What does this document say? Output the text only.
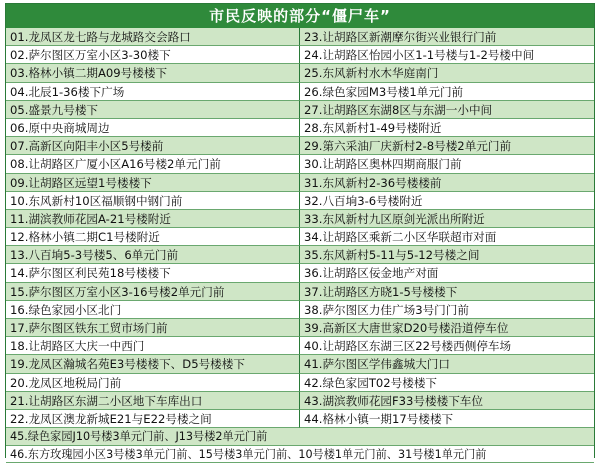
市民反映的部分“僵尸车”
01.龙凤区龙七路与龙城路交会路口	23.让胡路区新潮摩尔街兴业银行门前
02.萨尔图区万室小区3-30楼下	24.让胡路区怡园小区1-1号楼与1-2号楼中间
03.格林小镇二期A09号楼楼下	25.东风新村水木华庭南门
04.北辰1-36楼下广场	26.绿色家园M3号楼1单元门前
05.盛景九号楼下	27.让胡路区东湖8区与东湖一小中间
06.原中央商城周边	28.东风新村1-49号楼附近
07.高新区向阳丰小区5号楼前	29.第六采油厂庆新村2-8号楼2单元门前
08.让胡路区广厦小区A16号楼2单元门前	30.让胡路区奥林四期商服门前
09.让胡路区远望1号楼楼下	31.东风新村2-36号楼楼前
10.东风新村10区福顺钢中钢门前	32.八百垧3-6号楼附近
11.湖滨教师花园A-21号楼附近	33.东风新村九区原剑光派出所附近
12.格林小镇二期C1号楼附近	34.让胡路区乘新二小区华联超市对面
13.八百垧5-3号楼5、6单元门前	35.东风新村5-11与5-12号楼之间
14.萨尔图区利民苑18号楼楼下	36.让胡路区佞金地产对面
15.萨尔图区万室小区3-16号楼2单元门前	37.让胡路区方晓1-5号楼楼下
16.绿色家园小区北门	38.萨尔图区力佳广场3号门门前
17.萨尔图区铁东工贸市场门前	39.高新区大唐世家D20号楼沿道停车位
18.让胡路区大庆一中西门	40.让胡路区东湖三区22号楼西侧停车场
19.龙凤区瀚城名苑E3号楼楼下、D5号楼楼下	41.萨尔图区学伟鑫城大门口
20.龙凤区地税局门前	42.绿色家园T02号楼楼下
21.让胡路区东湖二小区地下车库出口	43.湖滨教师花园F33号楼楼下车位
22.龙凤区澳龙新城E21与E22号楼之间	44.格林小镇一期17号楼楼下
45.绿色家园J10号楼3单元门前、J13号楼2单元门前
46.东方玫瑰园小区3号楼3单元门前、15号楼3单元门前、10号楼1单元门前、31号楼1单元门前
